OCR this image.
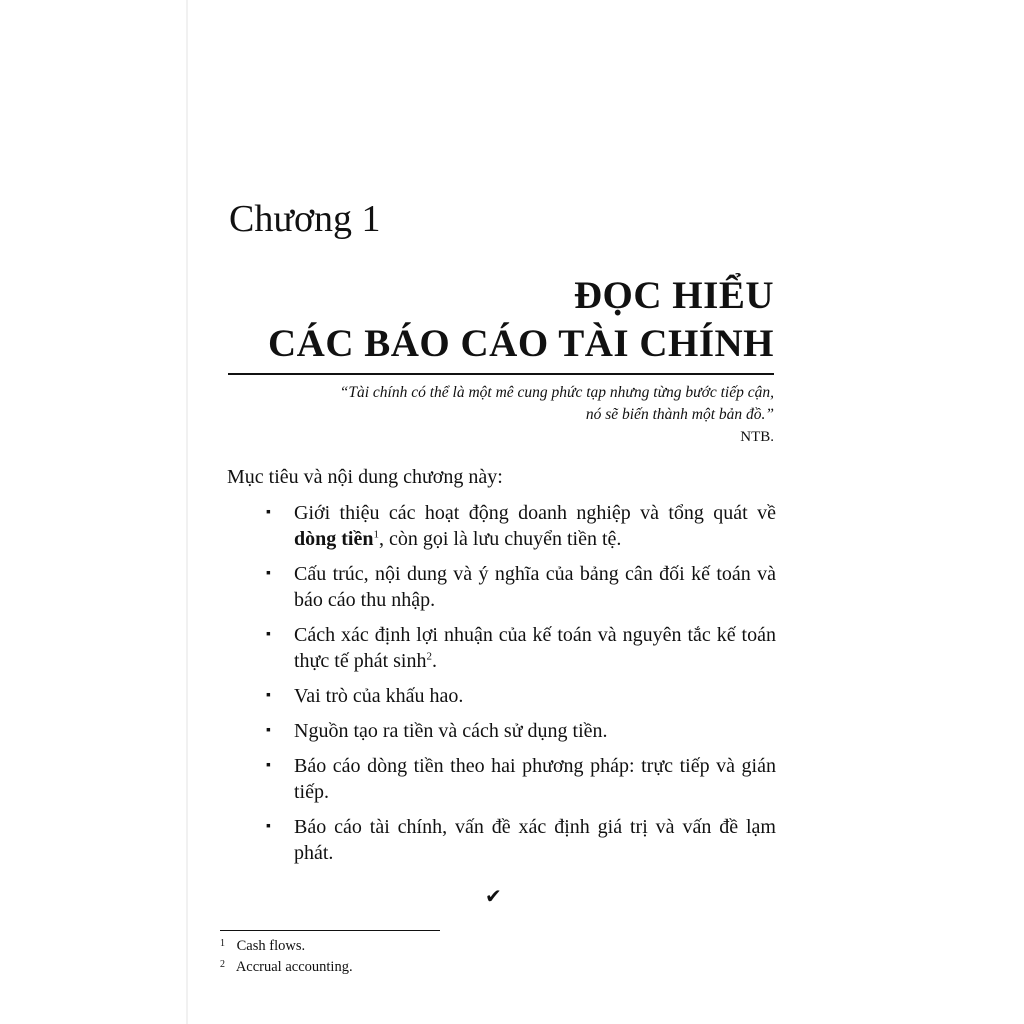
Chương 1
ĐỌC HIỂU
CÁC BÁO CÁO TÀI CHÍNH
“Tài chính có thể là một mê cung phức tạp nhưng từng bước tiếp cận,
nó sẽ biến thành một bản đồ.”
NTB.
Mục tiêu và nội dung chương này:
▪ Giới thiệu các hoạt động doanh nghiệp và tổng quát về dòng tiền$^1$, còn gọi là lưu chuyển tiền tệ.
▪ Cấu trúc, nội dung và ý nghĩa của bảng cân đối kế toán và báo cáo thu nhập.
▪ Cách xác định lợi nhuận của kế toán và nguyên tắc kế toán thực tế phát $\sinh^2$.
▪ Vai trò của khấu hao.
▪ Nguồn tạo ra tiền và cách sử dụng tiền.
▪ Báo cáo dòng tiền theo hai phương pháp: trực tiếp và gián tiếp.
▪ Báo cáo tài chính, vấn đề xác định giá trị và vấn đề lạm phát.
✔
1 Cash flows.
2 Accrual accounting.
